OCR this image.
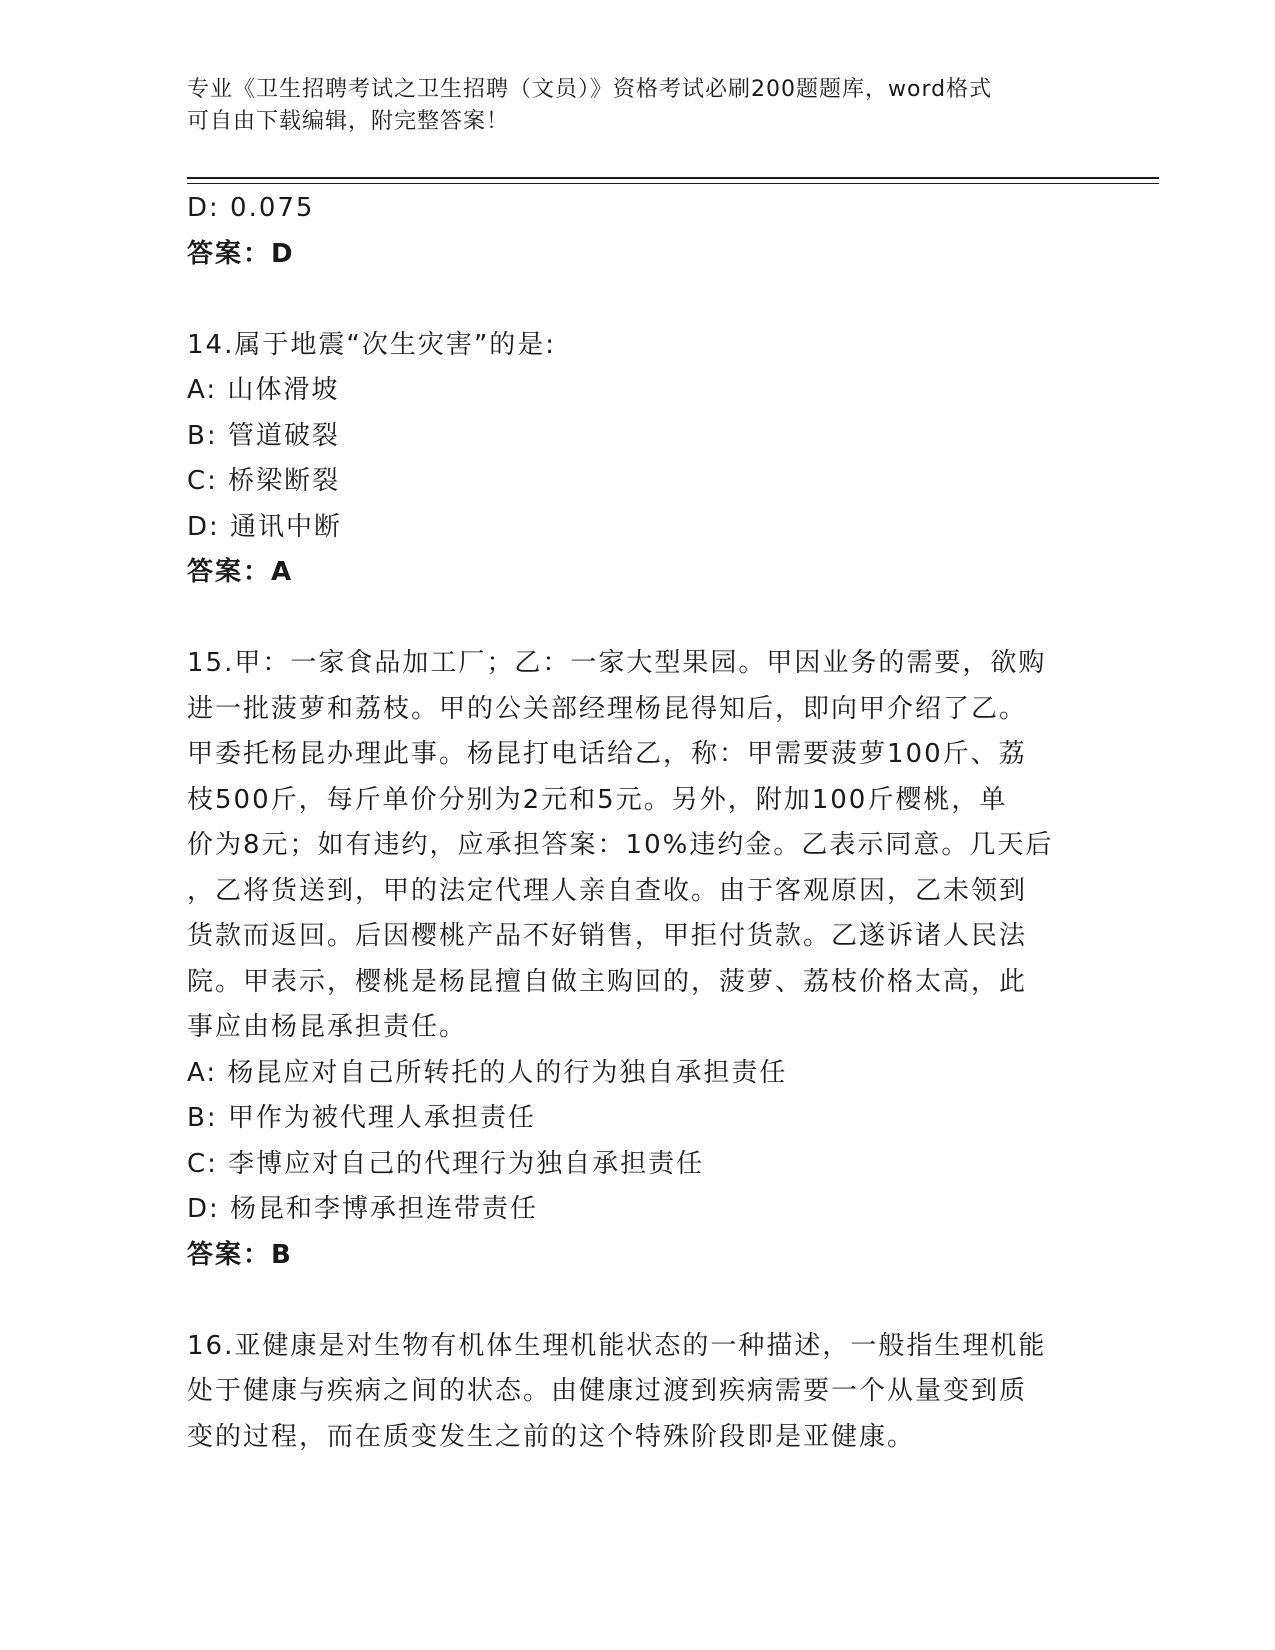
专业《卫生招聘考试之卫生招聘（文员）》资格考试必刷200题题库，word格式
可自由下载编辑，附完整答案！
D: 0.075
答案：D
14.属于地震“次生灾害”的是:
A: 山体滑坡
B: 管道破裂
C: 桥梁断裂
D: 通讯中断
答案：A
15.甲：一家食品加工厂；乙：一家大型果园。甲因业务的需要，欲购
进一批菠萝和荔枝。甲的公关部经理杨昆得知后，即向甲介绍了乙。
甲委托杨昆办理此事。杨昆打电话给乙，称：甲需要菠萝100斤、荔
枝500斤，每斤单价分别为2元和5元。另外，附加100斤樱桃，单
价为8元；如有违约，应承担答案：10%违约金。乙表示同意。几天后
，乙将货送到，甲的法定代理人亲自查收。由于客观原因，乙未领到
货款而返回。后因樱桃产品不好销售，甲拒付货款。乙遂诉诸人民法
院。甲表示，樱桃是杨昆擅自做主购回的，菠萝、荔枝价格太高，此
事应由杨昆承担责任。
A: 杨昆应对自己所转托的人的行为独自承担责任
B: 甲作为被代理人承担责任
C: 李博应对自己的代理行为独自承担责任
D: 杨昆和李博承担连带责任
答案：B
16.亚健康是对生物有机体生理机能状态的一种描述，一般指生理机能
处于健康与疾病之间的状态。由健康过渡到疾病需要一个从量变到质
变的过程，而在质变发生之前的这个特殊阶段即是亚健康。
